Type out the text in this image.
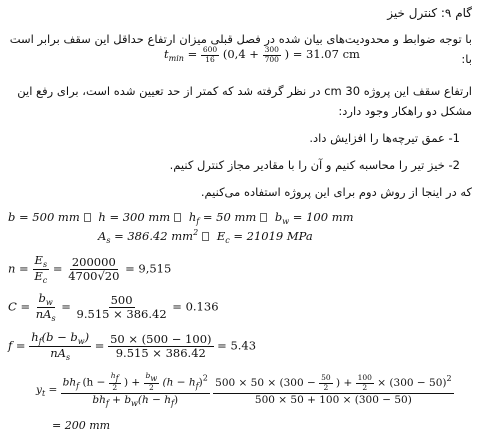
گام ۹: کنترل خیز
با توجه ضوابط و محدودیت‌های بیان شده در فصل قبلی میزان ارتفاع حداقل این سقف برابر است
با:
$t_{min} = \frac{600}{16} (0,4 + \frac{300}{700}$ ) = 31.07 cm
ارتفاع سقف این پروژه 30 cm در نظر گرفته شد که کمتر از حد تعیین شده است، برای رفع این
مشکل دو راهکار وجود دارد:
1- عمق تیرچه‌ها را افزایش داد.
2- خیز تیر را محاسبه کنیم و آن را با مقادیر مجاز کنترل کنیم.
که در اینجا از روش دوم برای این پروژه استفاده می‌کنیم.
b = 500 mm h = 300 mm $h_f = 50$ mm $b_w = 100$ mm
$A_s = 386.42$ $mm^2$ $E_c = 21019$ MPa
$n = \frac{E_s}{E_c} = \frac{200000}{4700√20} = 9,515$
$C = \frac{b_w}{nA_s} = \frac{500}{9.515 \times 386.42} = 0.136$
$f = \frac{h_f(b - b_w)}{nA_s} = \frac{50 \times (500 - 100)}{9.515 \times 386.42} = 5.43$
$y_t = \frac{bh_f (h - \frac{h_f}{2} ) + \frac{b_w}{2} (h - h_f)^2}{bh_f + b_w(h - h_f)}$
$500 \times 50 \times (300 - \frac{50}{2}$ ) + $\frac{100}{2} \times (300 - 50)^2$
500 × 50 + 100 × (300 − 50)
= 200 mm
